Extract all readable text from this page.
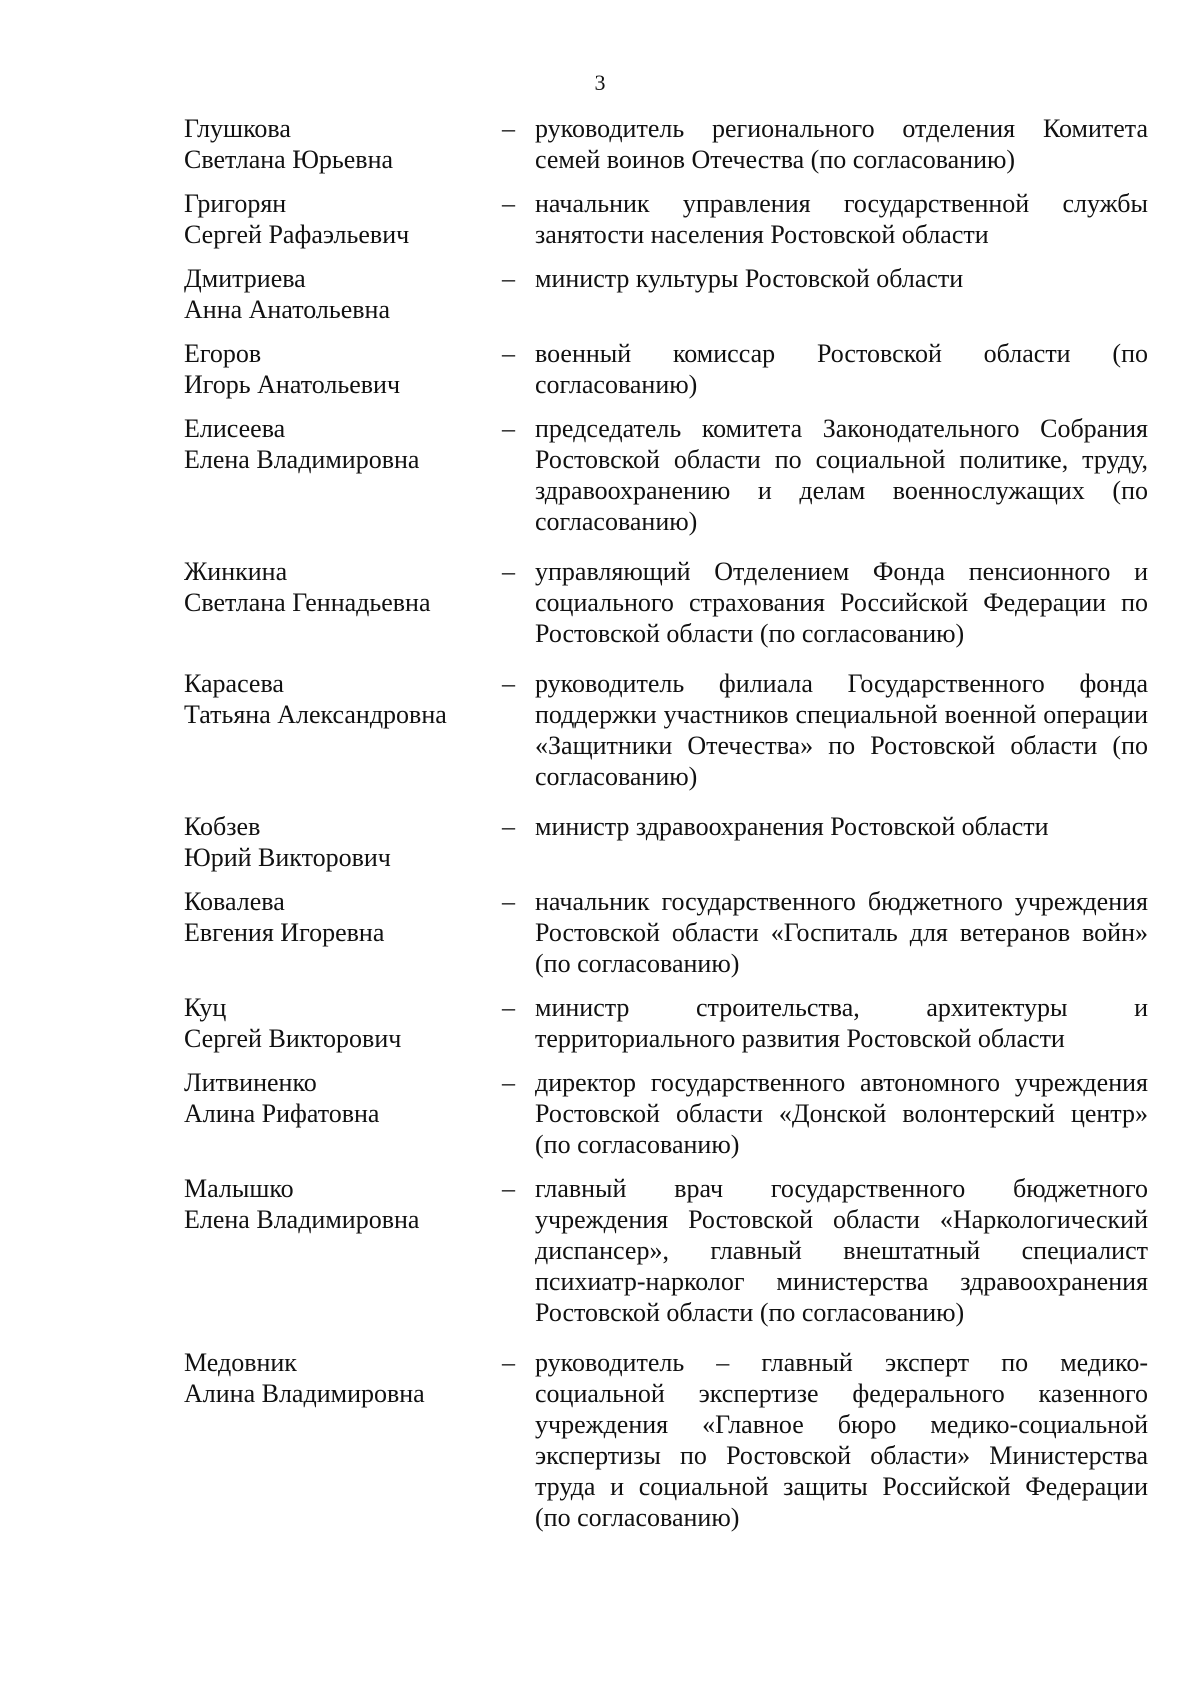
3
Глушкова
Светлана Юрьевна
– руководитель регионального отделения Комитета семей воинов Отечества (по согласованию)
Григорян
Сергей Рафаэльевич
– начальник управления государственной службы занятости населения Ростовской области
Дмитриева
Анна Анатольевна
– министр культуры Ростовской области
Егоров
Игорь Анатольевич
– военный комиссар Ростовской области (по согласованию)
Елисеева
Елена Владимировна
– председатель комитета Законодательного Собрания Ростовской области по социальной политике, труду, здравоохранению и делам военнослужащих (по согласованию)
Жинкина
Светлана Геннадьевна
– управляющий Отделением Фонда пенсионного и социального страхования Российской Федерации по Ростовской области (по согласованию)
Карасева
Татьяна Александровна
– руководитель филиала Государственного фонда поддержки участников специальной военной операции «Защитники Отечества» по Ростовской области (по согласованию)
Кобзев
Юрий Викторович
– министр здравоохранения Ростовской области
Ковалева
Евгения Игоревна
– начальник государственного бюджетного учреждения Ростовской области «Госпиталь для ветеранов войн» (по согласованию)
Куц
Сергей Викторович
– министр строительства, архитектуры и территориального развития Ростовской области
Литвиненко
Алина Рифатовна
– директор государственного автономного учреждения Ростовской области «Донской волонтерский центр» (по согласованию)
Малышко
Елена Владимировна
– главный врач государственного бюджетного учреждения Ростовской области «Наркологический диспансер», главный внештатный специалист психиатр-нарколог министерства здравоохранения Ростовской области (по согласованию)
Медовник
Алина Владимировна
– руководитель – главный эксперт по медико-социальной экспертизе федерального казенного учреждения «Главное бюро медико-социальной экспертизы по Ростовской области» Министерства труда и социальной защиты Российской Федерации (по согласованию)
